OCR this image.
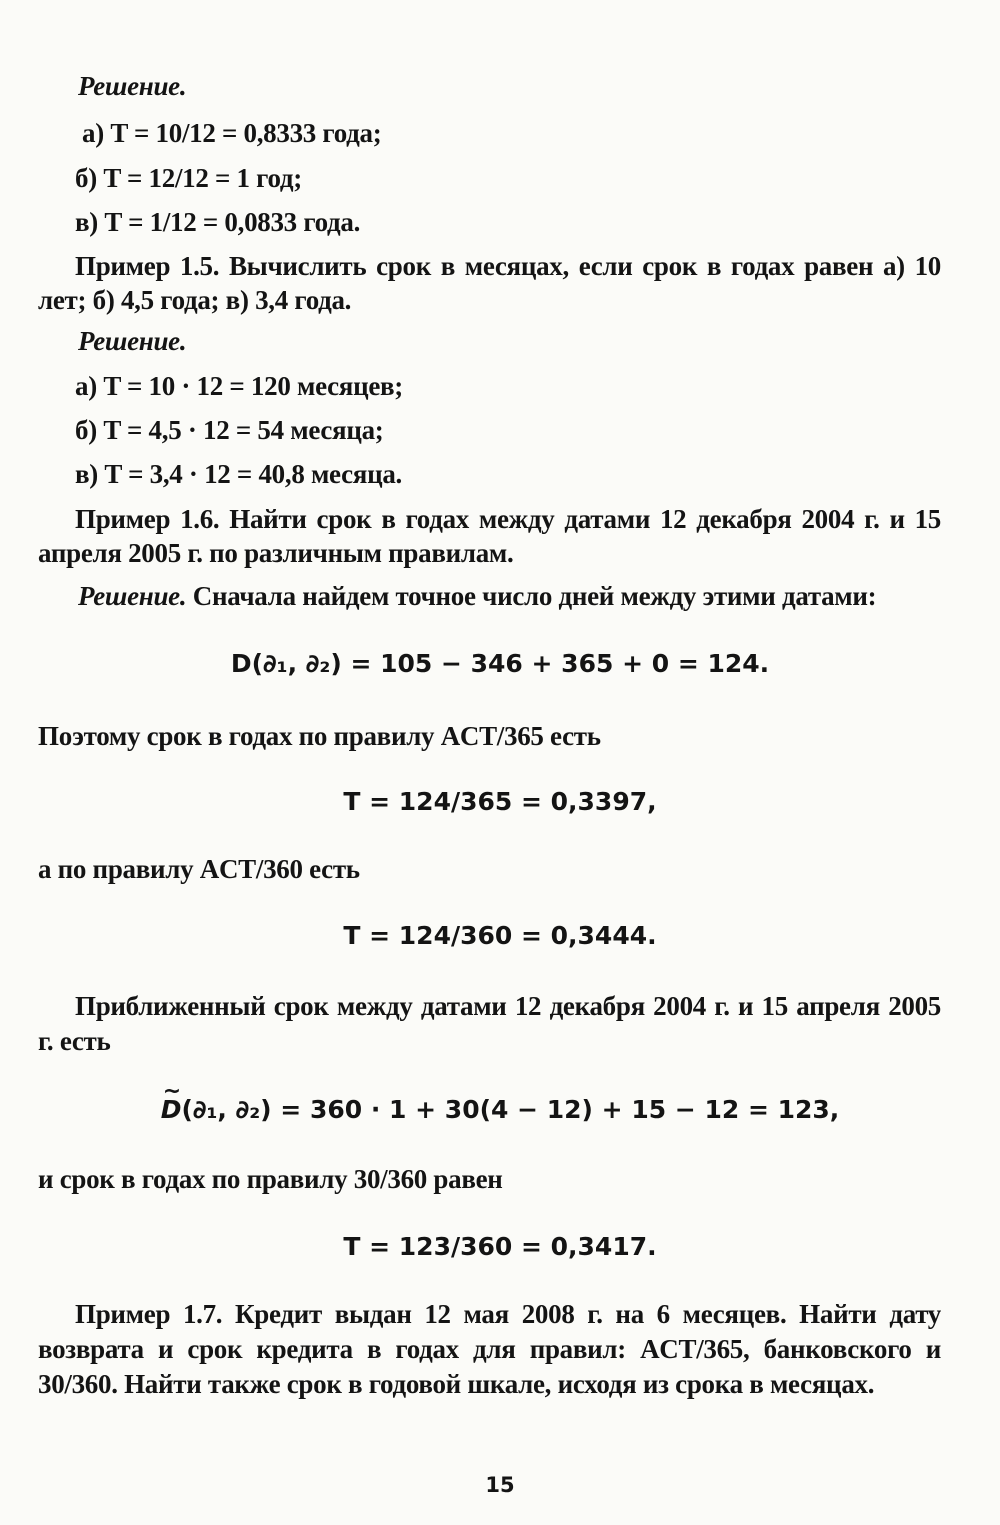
Решение.
а) T = 10/12 = 0,8333 года;
б) T = 12/12 = 1 год;
в) T = 1/12 = 0,0833 года.
Пример 1.5. Вычислить срок в месяцах, если срок в годах равен а) 10
лет; б) 4,5 года; в) 3,4 года.
Решение.
а) T = 10 · 12 = 120 месяцев;
б) T = 4,5 · 12 = 54 месяца;
в) T = 3,4 · 12 = 40,8 месяца.
Пример 1.6. Найти срок в годах между датами 12 декабря 2004 г. и 15
апреля 2005 г. по различным правилам.
Решение. Сначала найдем точное число дней между этими датами:
D(∂₁, ∂₂) = 105 − 346 + 365 + 0 = 124.
Поэтому срок в годах по правилу ACT/365 есть
T = 124/365 = 0,3397,
а по правилу ACT/360 есть
T = 124/360 = 0,3444.
Приближенный срок между датами 12 декабря 2004 г. и 15 апреля 2005
г. есть
~ D(∂₁, ∂₂) = 360 · 1 + 30(4 − 12) + 15 − 12 = 123,
и срок в годах по правилу 30/360 равен
T = 123/360 = 0,3417.
Пример 1.7. Кредит выдан 12 мая 2008 г. на 6 месяцев. Найти дату
возврата и срок кредита в годах для правил: ACT/365, банковского и
30/360. Найти также срок в годовой шкале, исходя из срока в месяцах.
15
